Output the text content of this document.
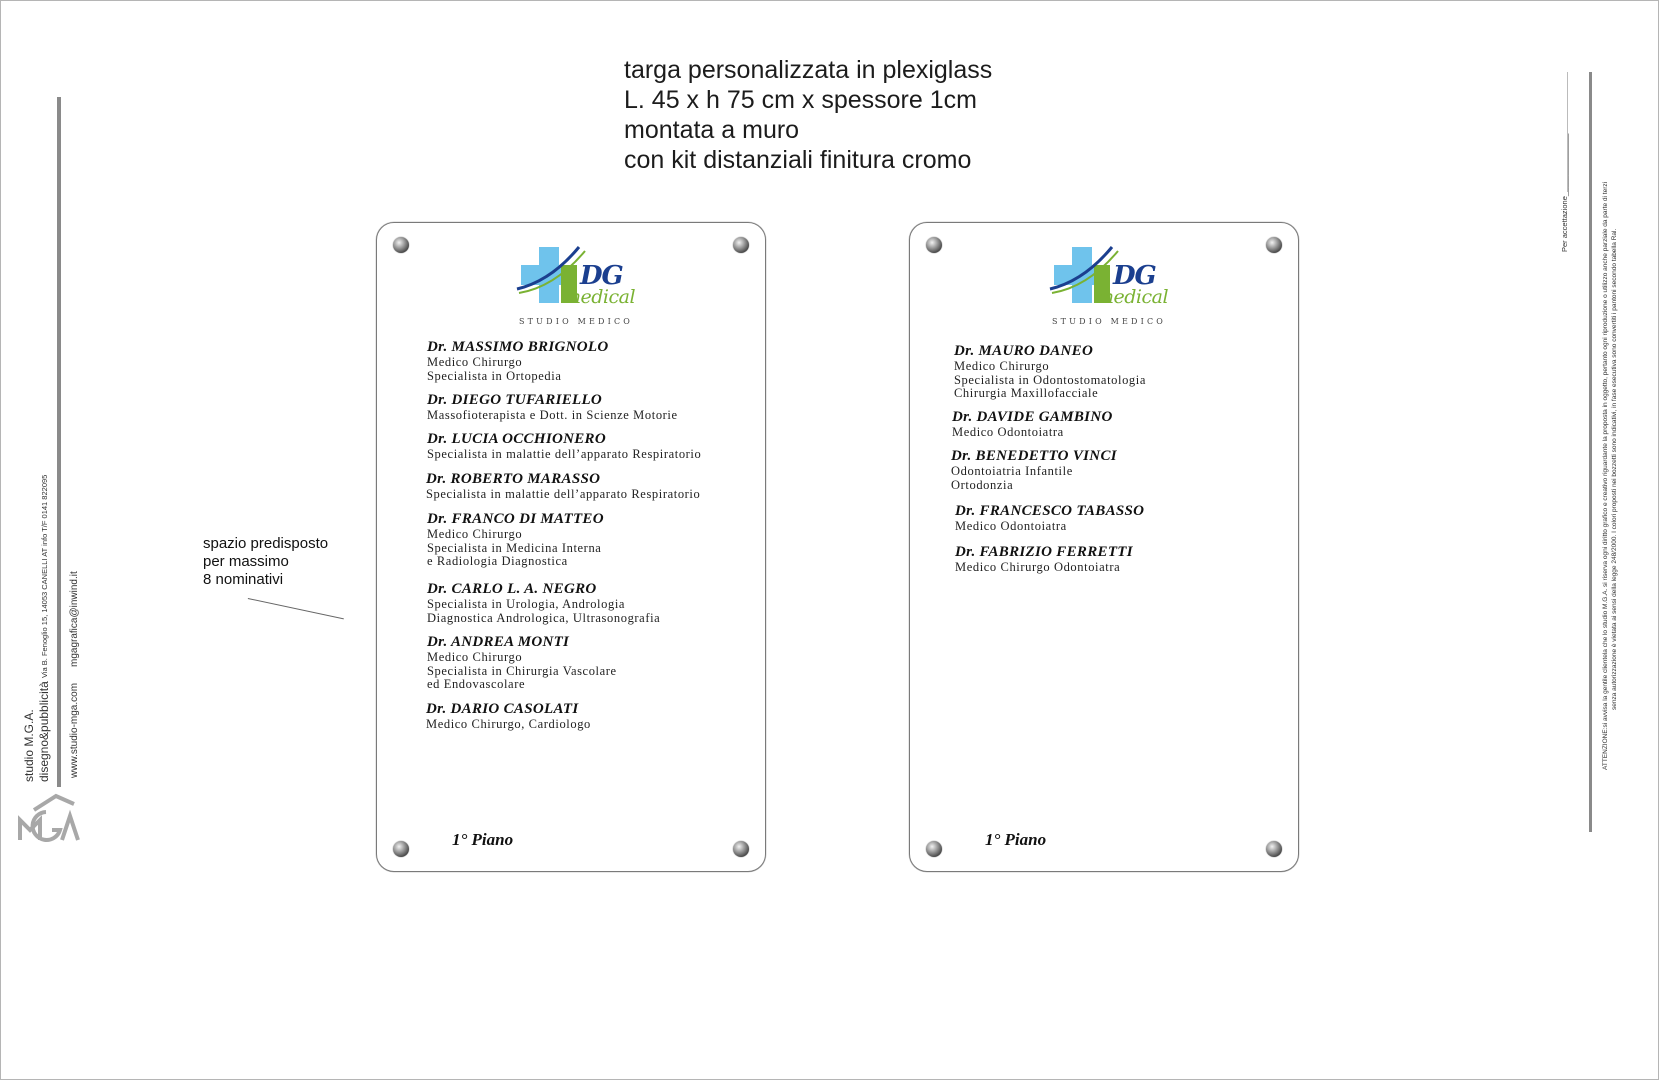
targa personalizzata in plexiglass
L. 45 x h 75 cm x spessore 1cm
montata a muro
con kit distanziali finitura cromo
studio M.G.A. disegno&pubblicità
Via B. Fenoglio 15, 14053 CANELLI AT info T/F 0141 822095
www.studio-mga.com
mgagrafica@inwind.it
spazio predisposto
per massimo
8 nominativi
DG
medical
STUDIO MEDICO
Dr. MASSIMO BRIGNOLO
Medico Chirurgo
Specialista in Ortopedia
Dr. DIEGO TUFARIELLO
Massofioterapista e Dott. in Scienze Motorie
Dr. LUCIA OCCHIONERO
Specialista in malattie dell’apparato Respiratorio
Dr. ROBERTO MARASSO
Specialista in malattie dell’apparato Respiratorio
Dr. FRANCO DI MATTEO
Medico Chirurgo
Specialista in Medicina Interna
e Radiologia Diagnostica
Dr. CARLO L. A. NEGRO
Specialista in Urologia, Andrologia
Diagnostica Andrologica, Ultrasonografia
Dr. ANDREA MONTI
Medico Chirurgo
Specialista in Chirurgia Vascolare
ed Endovascolare
Dr. DARIO CASOLATI
Medico Chirurgo, Cardiologo
1° Piano
DG
medical
STUDIO MEDICO
Dr. MAURO DANEO
Medico Chirurgo
Specialista in Odontostomatologia
Chirurgia Maxillofacciale
Dr. DAVIDE GAMBINO
Medico Odontoiatra
Dr. BENEDETTO VINCI
Odontoiatria Infantile
Ortodonzia
Dr. FRANCESCO TABASSO
Medico Odontoiatra
Dr. FABRIZIO FERRETTI
Medico Chirurgo Odontoiatra
1° Piano
Per accettazione_______________	ATTENZIONE:si avvisa la gentile clientela che lo studio M.G.A. si riserva ogni diritto grafico e creativo riguardante la proposta in oggetto, pertanto ogni riproduzione o utilizzo anche parziale da parte di terzi senza autorizzazione è vietata ai sensi della legge 248/2000. I colori proposti nei bozzetti sono indicativi, in fase esecutiva sono convertiti i pantoni secondo tabella Ral.
